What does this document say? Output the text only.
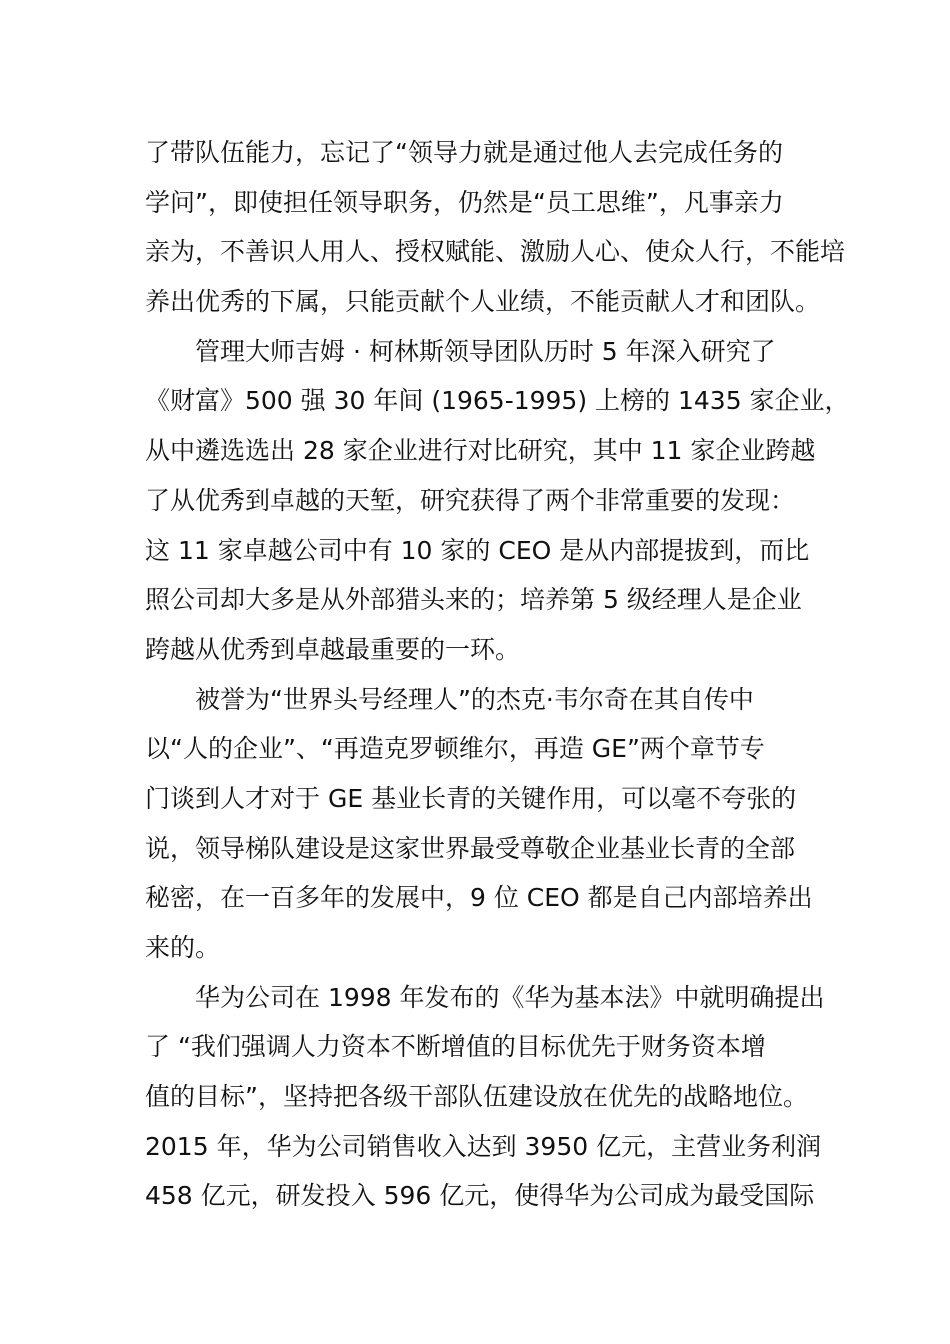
了带队伍能力，忘记了“领导力就是通过他人去完成任务的
学问”，即使担任领导职务，仍然是“员工思维”，凡事亲力
亲为，不善识人用人、授权赋能、激励人心、使众人行，不能培
养出优秀的下属，只能贡献个人业绩，不能贡献人才和团队。
管理大师吉姆 · 柯林斯领导团队历时 5 年深入研究了
《财富》500 强 30 年间 (1965-1995) 上榜的 1435 家企业，
从中遴选选出 28 家企业进行对比研究，其中 11 家企业跨越
了从优秀到卓越的天堑，研究获得了两个非常重要的发现：
这 11 家卓越公司中有 10 家的 CEO 是从内部提拔到，而比
照公司却大多是从外部猎头来的；培养第 5 级经理人是企业
跨越从优秀到卓越最重要的一环。
被誉为“世界头号经理人”的杰克·韦尔奇在其自传中
以“人的企业”、“再造克罗顿维尔，再造 GE”两个章节专
门谈到人才对于 GE 基业长青的关键作用，可以毫不夸张的
说，领导梯队建设是这家世界最受尊敬企业基业长青的全部
秘密，在一百多年的发展中，9 位 CEO 都是自己内部培养出
来的。
华为公司在 1998 年发布的《华为基本法》中就明确提出
了 “我们强调人力资本不断增值的目标优先于财务资本增
值的目标”，坚持把各级干部队伍建设放在优先的战略地位。
2015 年，华为公司销售收入达到 3950 亿元，主营业务利润
458 亿元，研发投入 596 亿元，使得华为公司成为最受国际
